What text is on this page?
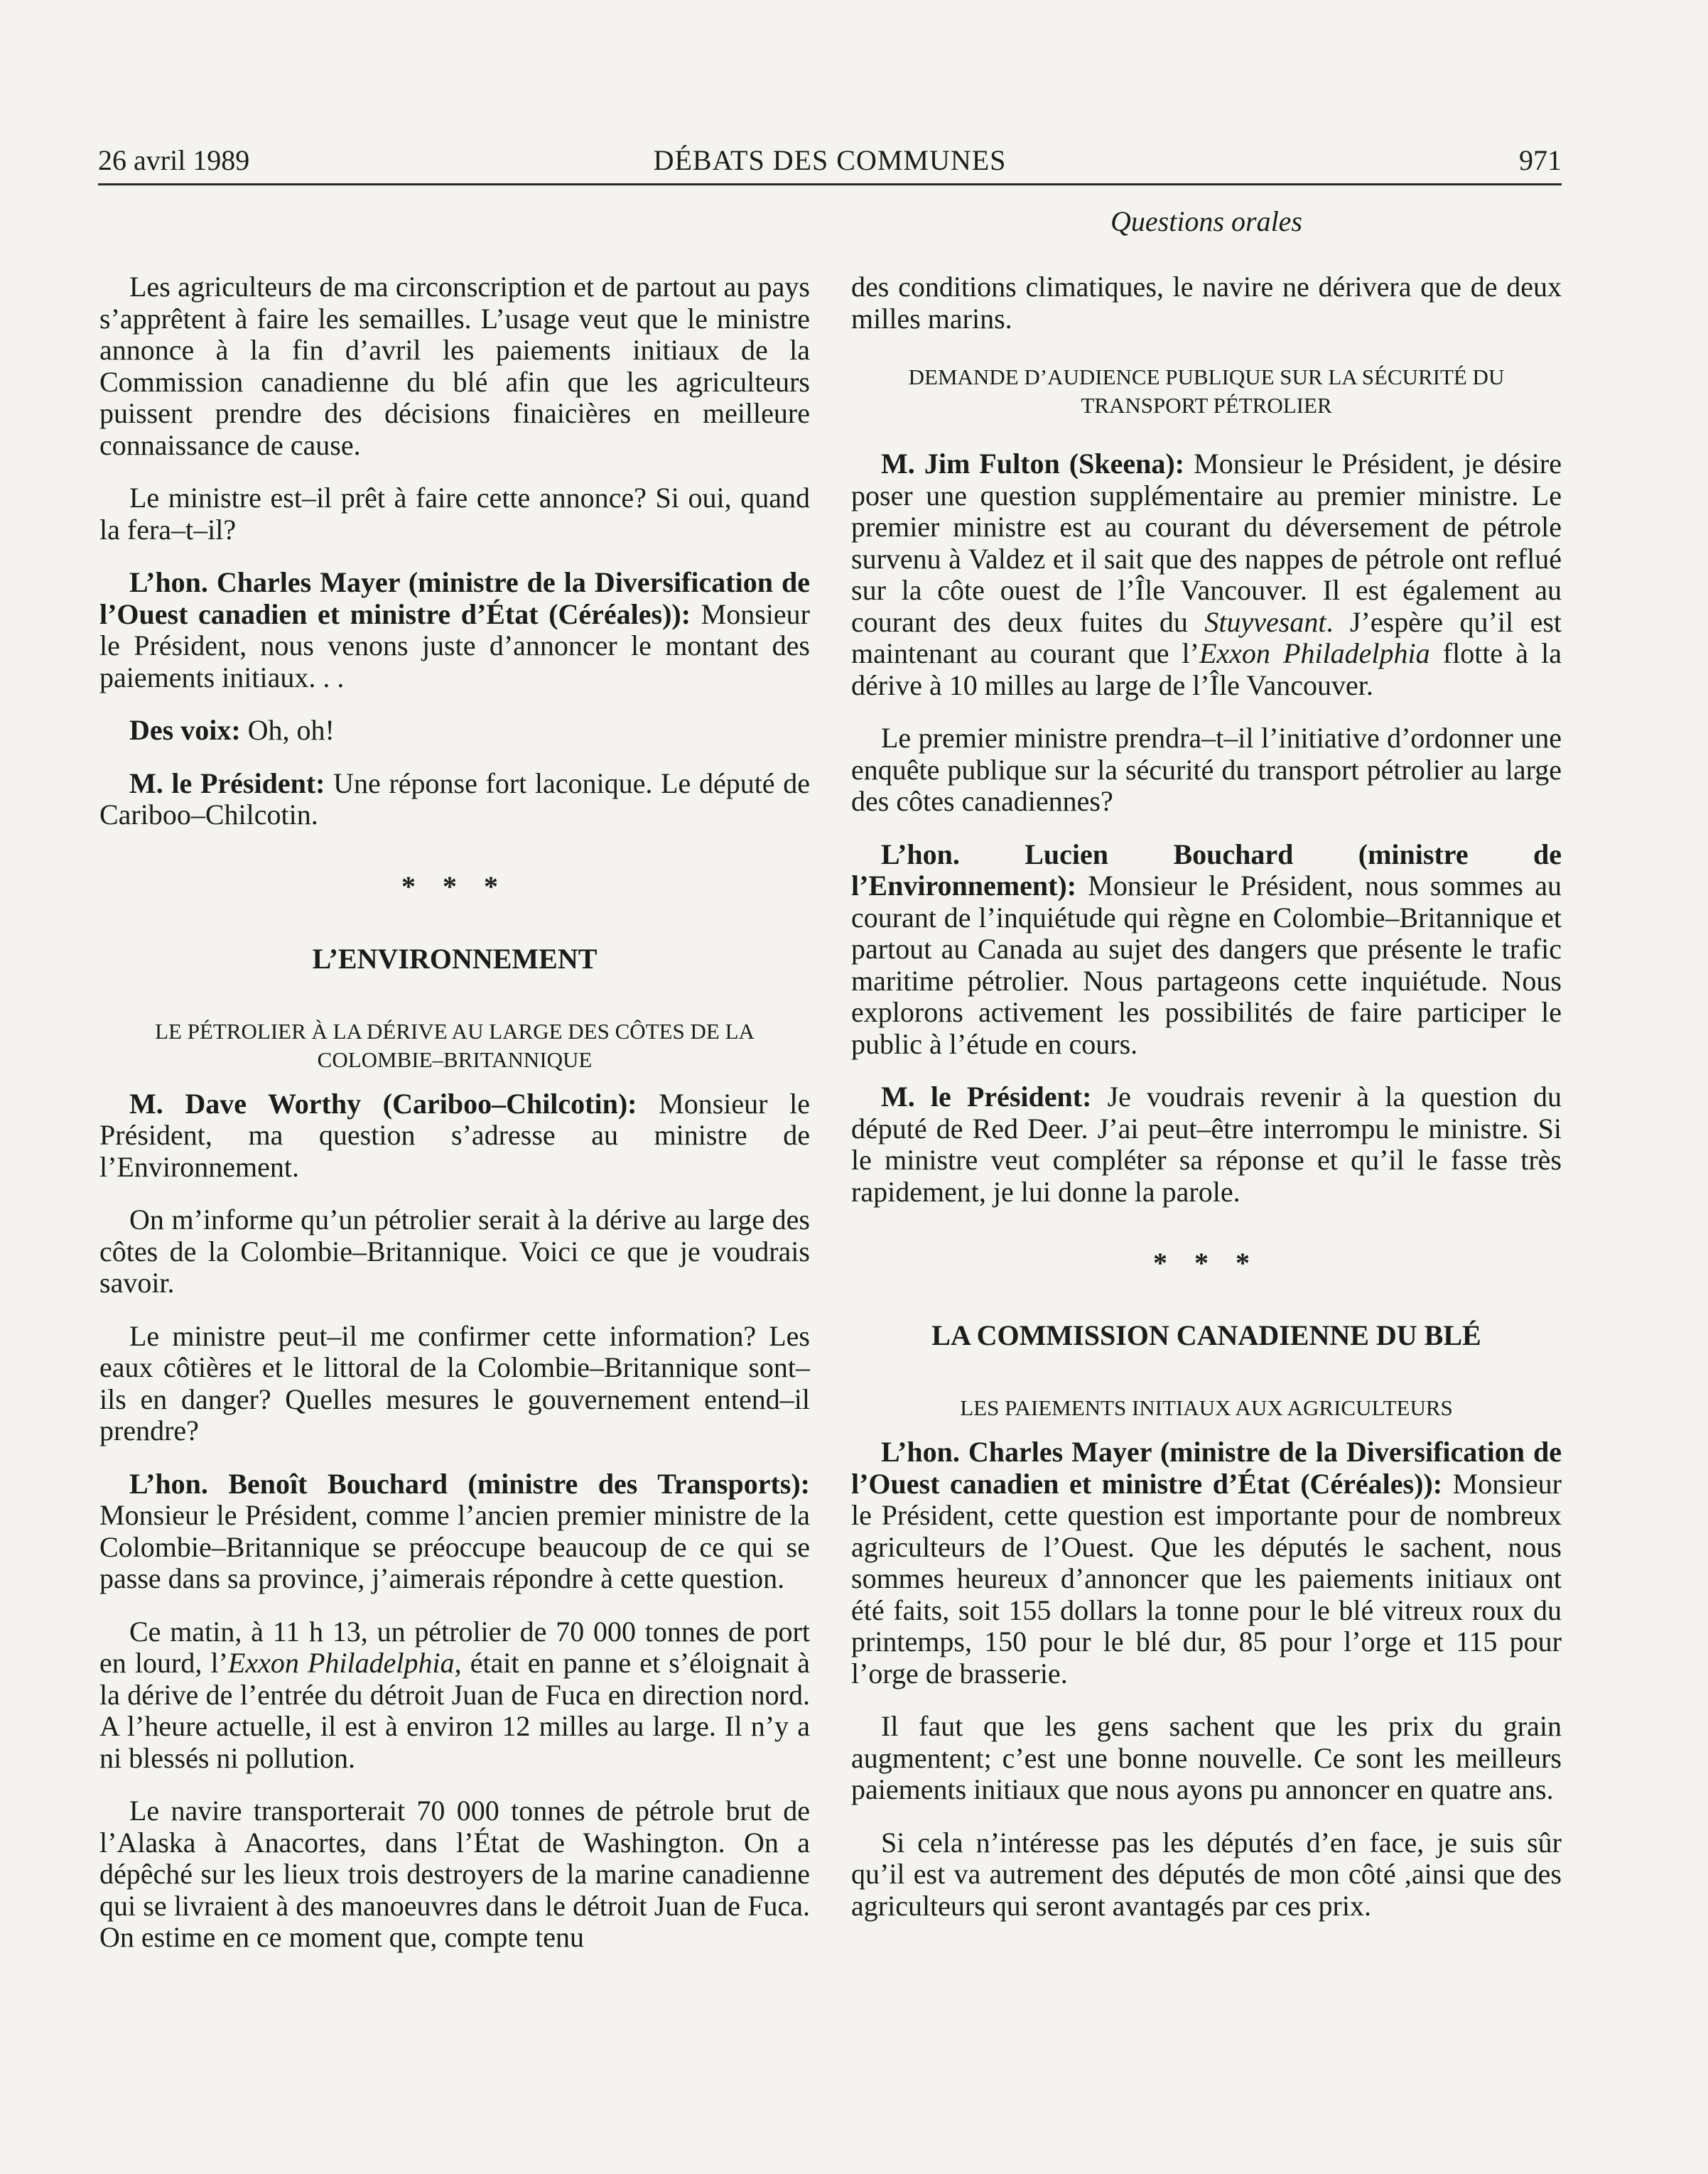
26 avril 1989	DÉBATS DES COMMUNES	971

Les agriculteurs de ma circonscription et de partout au pays s’apprêtent à faire les semailles. L’usage veut que le ministre annonce à la fin d’avril les paiements initiaux de la Commission canadienne du blé afin que les agriculteurs puissent prendre des décisions finaicières en meilleure connaissance de cause.

Le ministre est–il prêt à faire cette annonce? Si oui, quand la fera–t–il?

L’hon. Charles Mayer (ministre de la Diversification de l’Ouest canadien et ministre d’État (Céréales)): Monsieur le Président, nous venons juste d’annoncer le montant des paiements initiaux. . .

Des voix: Oh, oh!

M. le Président: Une réponse fort laconique. Le député de Cariboo–Chilcotin.

* * *
L’ENVIRONNEMENT
LE PÉTROLIER À LA DÉRIVE AU LARGE DES CÔTES DE LA COLOMBIE–BRITANNIQUE

M. Dave Worthy (Cariboo–Chilcotin): Monsieur le Président, ma question s’adresse au ministre de l’Environnement.

On m’informe qu’un pétrolier serait à la dérive au large des côtes de la Colombie–Britannique. Voici ce que je voudrais savoir.

Le ministre peut–il me confirmer cette information? Les eaux côtières et le littoral de la Colombie–Britannique sont–ils en danger? Quelles mesures le gouvernement entend–il prendre?

L’hon. Benoît Bouchard (ministre des Transports): Monsieur le Président, comme l’ancien premier ministre de la Colombie–Britannique se préoccupe beaucoup de ce qui se passe dans sa province, j’aimerais répondre à cette question.

Ce matin, à 11 h 13, un pétrolier de 70 000 tonnes de port en lourd, l’Exxon Philadelphia, était en panne et s’éloignait à la dérive de l’entrée du détroit Juan de Fuca en direction nord. A l’heure actuelle, il est à environ 12 milles au large. Il n’y a ni blessés ni pollution.

Le navire transporterait 70 000 tonnes de pétrole brut de l’Alaska à Anacortes, dans l’État de Washington. On a dépêché sur les lieux trois destroyers de la marine canadienne qui se livraient à des manoeuvres dans le détroit Juan de Fuca. On estime en ce moment que, compte tenu

Questions orales

des conditions climatiques, le navire ne dérivera que de deux milles marins.

DEMANDE D’AUDIENCE PUBLIQUE SUR LA SÉCURITÉ DU TRANSPORT PÉTROLIER

M. Jim Fulton (Skeena): Monsieur le Président, je désire poser une question supplémentaire au premier ministre. Le premier ministre est au courant du déversement de pétrole survenu à Valdez et il sait que des nappes de pétrole ont reflué sur la côte ouest de l’Île Vancouver. Il est également au courant des deux fuites du Stuyvesant. J’espère qu’il est maintenant au courant que l’Exxon Philadelphia flotte à la dérive à 10 milles au large de l’Île Vancouver.

Le premier ministre prendra–t–il l’initiative d’ordonner une enquête publique sur la sécurité du transport pétrolier au large des côtes canadiennes?

L’hon. Lucien Bouchard (ministre de l’Environnement): Monsieur le Président, nous sommes au courant de l’inquiétude qui règne en Colombie–Britannique et partout au Canada au sujet des dangers que présente le trafic maritime pétrolier. Nous partageons cette inquiétude. Nous explorons activement les possibilités de faire participer le public à l’étude en cours.

M. le Président: Je voudrais revenir à la question du député de Red Deer. J’ai peut–être interrompu le ministre. Si le ministre veut compléter sa réponse et qu’il le fasse très rapidement, je lui donne la parole.

* * *
LA COMMISSION CANADIENNE DU BLÉ
LES PAIEMENTS INITIAUX AUX AGRICULTEURS

L’hon. Charles Mayer (ministre de la Diversification de l’Ouest canadien et ministre d’État (Céréales)): Monsieur le Président, cette question est importante pour de nombreux agriculteurs de l’Ouest. Que les députés le sachent, nous sommes heureux d’annoncer que les paiements initiaux ont été faits, soit 155 dollars la tonne pour le blé vitreux roux du printemps, 150 pour le blé dur, 85 pour l’orge et 115 pour l’orge de brasserie.

Il faut que les gens sachent que les prix du grain augmentent; c’est une bonne nouvelle. Ce sont les meilleurs paiements initiaux que nous ayons pu annoncer en quatre ans.

Si cela n’intéresse pas les députés d’en face, je suis sûr qu’il est va autrement des députés de mon côté ,ainsi que des agriculteurs qui seront avantagés par ces prix.
